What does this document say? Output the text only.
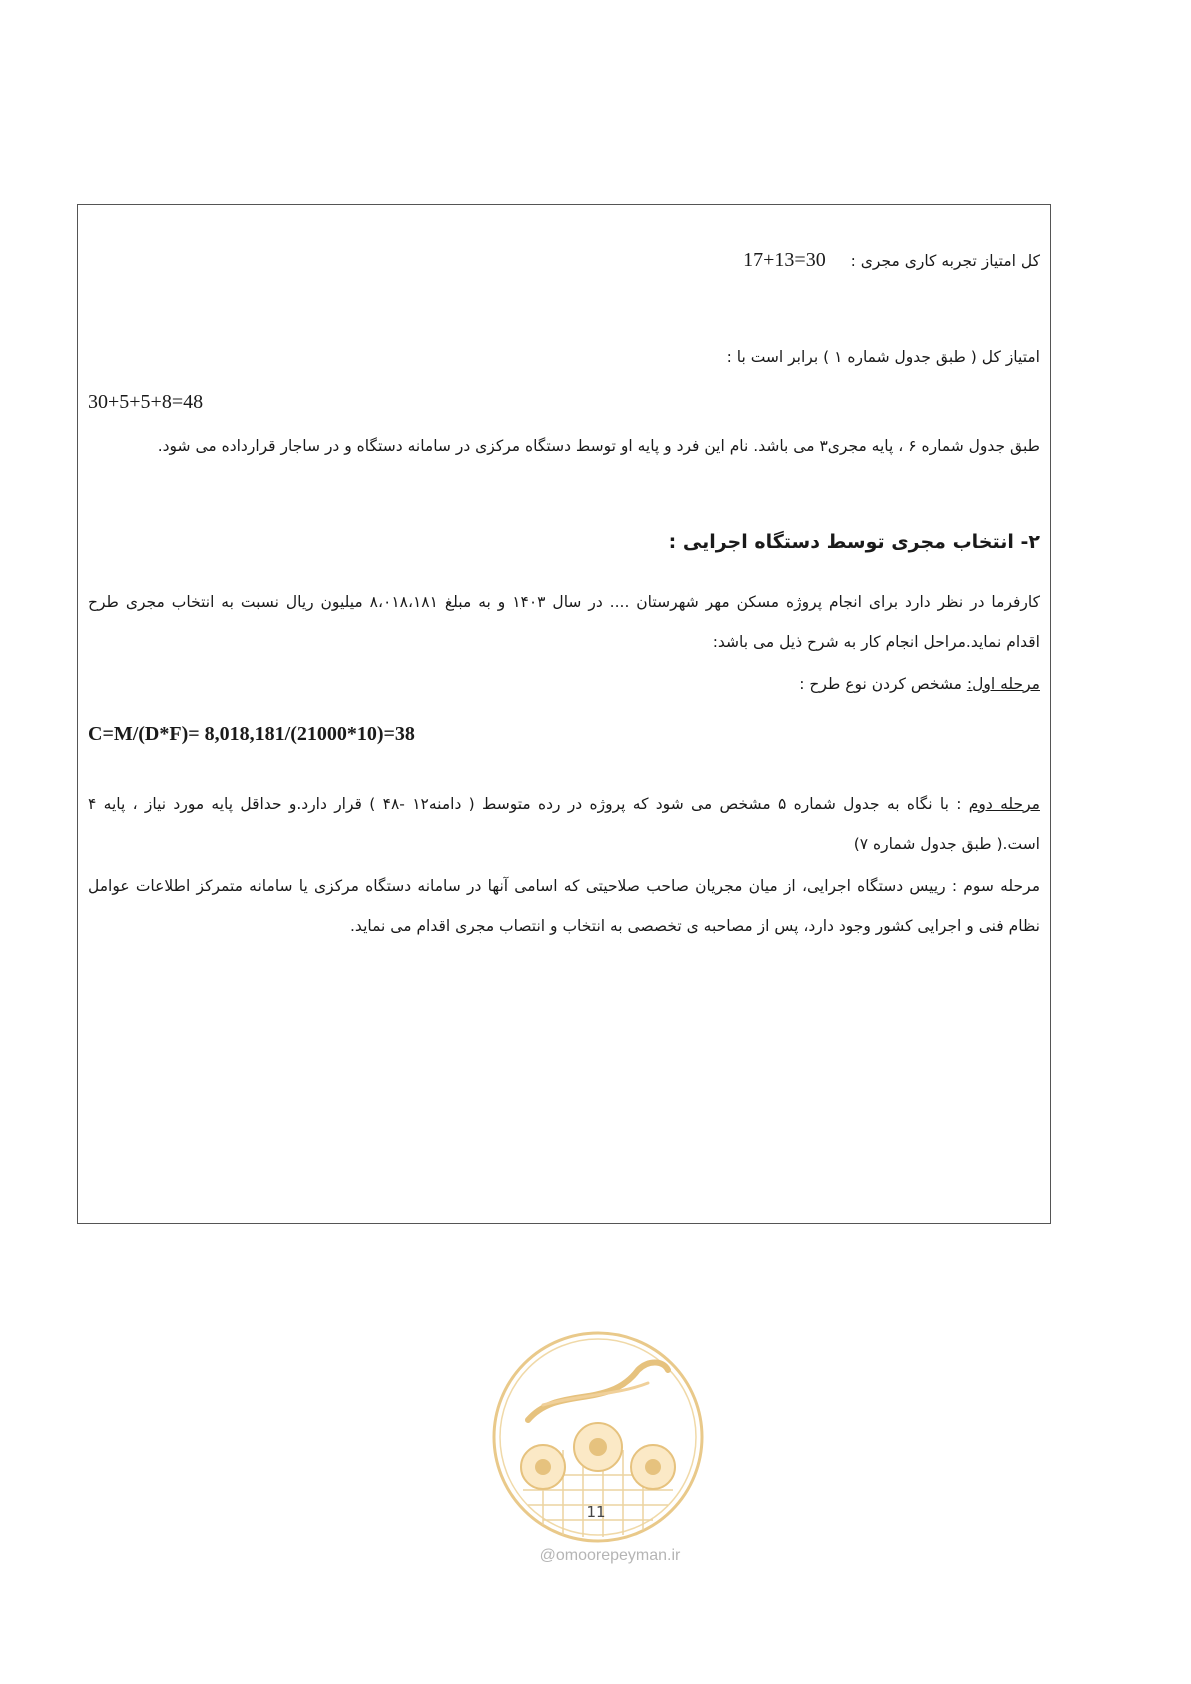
کل امتیاز تجربه کاری مجری : 17+13=30
امتیاز کل ( طبق جدول شماره ۱ ) برابر است با :
30+5+5+8=48
طبق جدول شماره ۶ ، پایه مجری۳ می باشد. نام این فرد و پایه او توسط دستگاه مرکزی در سامانه دستگاه و در ساجار قرارداده می شود.
۲- انتخاب مجری توسط دستگاه اجرایی :
کارفرما در نظر دارد برای انجام پروژه مسکن مهر شهرستان .... در سال ۱۴۰۳ و به مبلغ ۸،۰۱۸،۱۸۱ میلیون ریال نسبت به انتخاب مجری طرح
اقدام نماید.مراحل انجام کار به شرح ذیل می باشد:
مرحله اول: مشخص کردن نوع طرح :
C=M/(D*F)= 8,018,181/(21000*10)=38
مرحله دوم : با نگاه به جدول شماره ۵ مشخص می شود که پروژه در رده متوسط ( دامنه۱۲ -۴۸ ) قرار دارد.و حداقل پایه مورد نیاز ، پایه ۴
است.( طبق جدول شماره ۷)
مرحله سوم : رییس دستگاه اجرایی، از میان مجریان صاحب صلاحیتی که اسامی آنها در سامانه دستگاه مرکزی یا سامانه متمرکز اطلاعات عوامل
نظام فنی و اجرایی کشور وجود دارد، پس از مصاحبه ی تخصصی به انتخاب و انتصاب مجری اقدام می نماید.
11
@omoorepeyman.ir
